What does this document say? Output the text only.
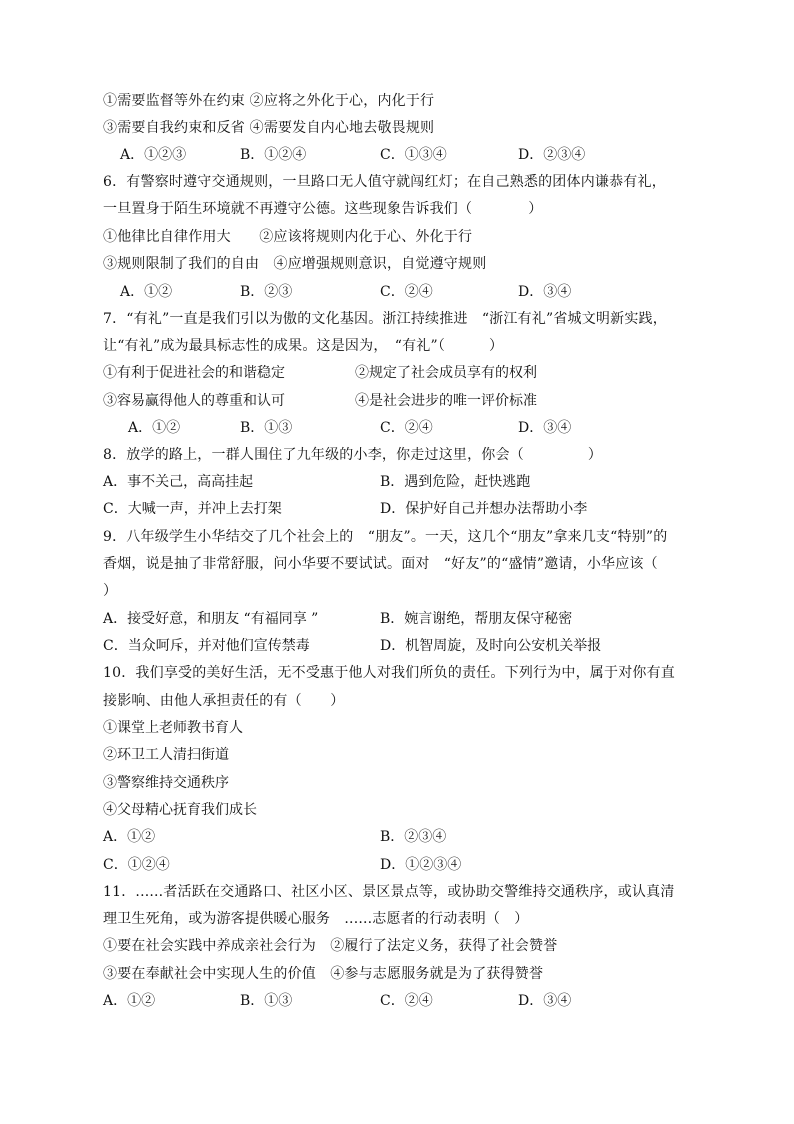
①需要监督等外在约束 ②应将之外化于心，内化于行
③需要自我约束和反省 ④需要发自内心地去敬畏规则
A．①②③	B．①②④	C．①③④	D．②③④
6．有警察时遵守交通规则，一旦路口无人值守就闯红灯；在自己熟悉的团体内谦恭有礼，
一旦置身于陌生环境就不再遵守公德。这些现象告诉我们（	）
①他律比自律作用大　　②应该将规则内化于心、外化于行
③规则限制了我们的自由　④应增强规则意识，自觉遵守规则
A．①②	B．②③	C．②④	D．③④
7．“有礼”一直是我们引以为傲的文化基因。浙江持续推进　“浙江有礼”省城文明新实践，
让“有礼”成为最具标志性的成果。这是因为，　“有礼”（	）
①有利于促进社会的和谐稳定	②规定了社会成员享有的权利
③容易赢得他人的尊重和认可	④是社会进步的唯一评价标准
A．①②	B．①③	C．②④	D．③④
8．放学的路上，一群人围住了九年级的小李，你走过这里，你会（	）
A．事不关己，高高挂起	B．遇到危险，赶快逃跑
C．大喊一声，并冲上去打架	D．保护好自己并想办法帮助小李
9．八年级学生小华结交了几个社会上的　“朋友”。一天，这几个“朋友”拿来几支“特别”的
香烟，说是抽了非常舒服，问小华要不要试试。面对　“好友”的“盛情”邀请，小华应该（
）
A．接受好意，和朋友 “有福同享 ”	B．婉言谢绝，帮朋友保守秘密
C．当众呵斥，并对他们宣传禁毒	D．机智周旋，及时向公安机关举报
10．我们享受的美好生活，无不受惠于他人对我们所负的责任。下列行为中，属于对你有直
接影响、由他人承担责任的有（　　）
①课堂上老师教书育人
②环卫工人清扫街道
③警察维持交通秩序
④父母精心抚育我们成长
A．①②	B．②③④
C．①②④	D．①②③④
11．......者活跃在交通路口、社区小区、景区景点等，或协助交警维持交通秩序，或认真清
理卫生死角，或为游客提供暖心服务　......志愿者的行动表明（　）
①要在社会实践中养成亲社会行为　②履行了法定义务，获得了社会赞誉
③要在奉献社会中实现人生的价值　④参与志愿服务就是为了获得赞誉
A．①②	B．①③	C．②④	D．③④
